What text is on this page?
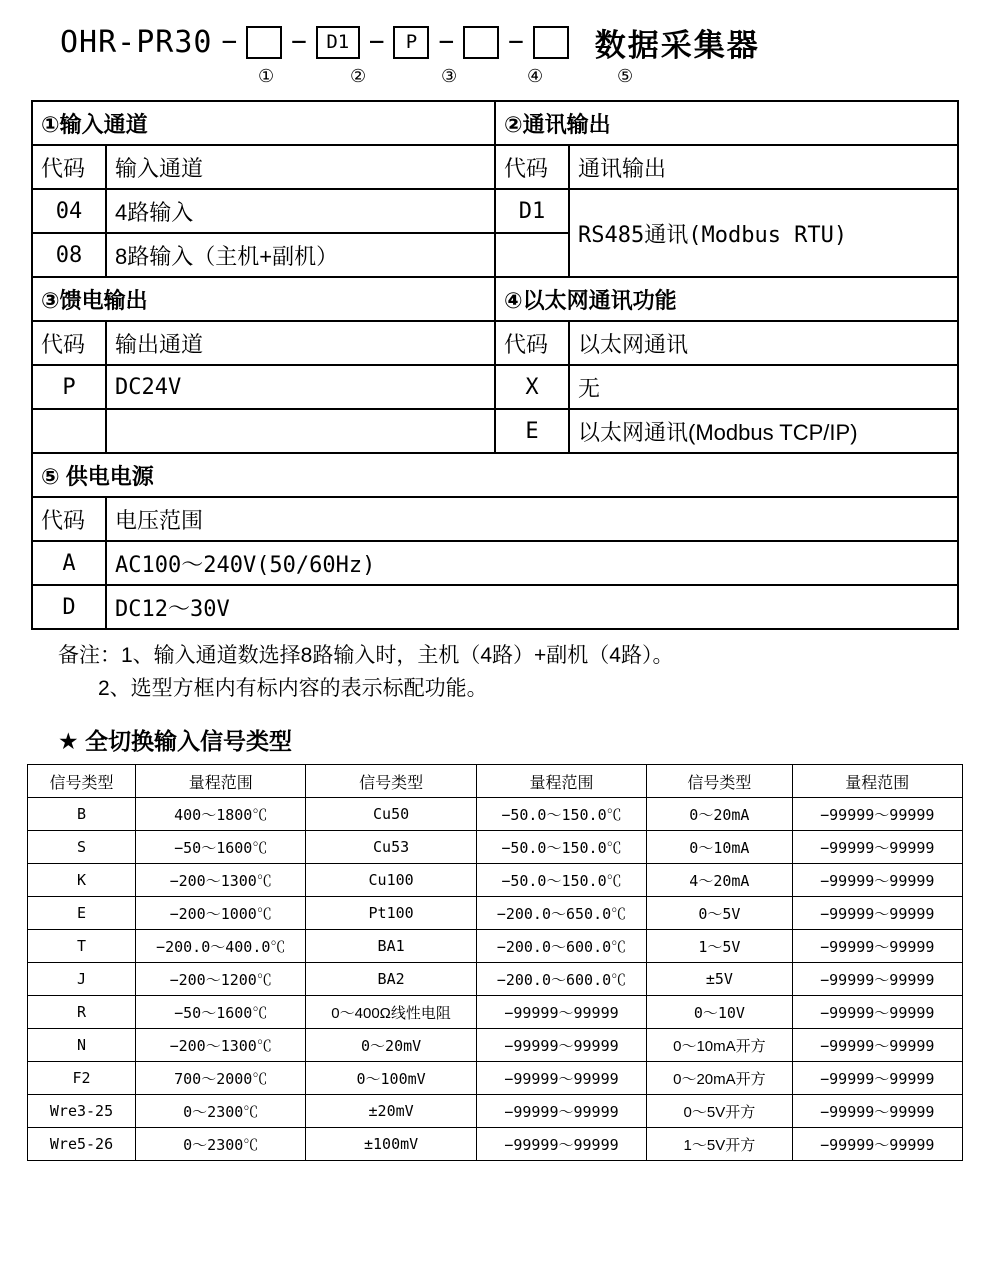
OHR-PR30 − −	D1 −	P − − 数据采集器
①	②	③	④	⑤
①输入通道		②通讯输出	
代码	输入通道	代码	通讯输出
04	4路输入	D1	RS485通讯(Modbus RTU)
08	8路输入（主机+副机）		
③馈电输出		④以太网通讯功能	
代码	输出通道	代码	以太网通讯
P	DC24V	X	无
		E	以太网通讯(Modbus TCP/IP)
⑤ 供电电源			
代码	电压范围		
A	AC100～240V(50/60Hz)		
D	DC12～30V		
备注：1、输入通道数选择8路输入时，主机（4路）+副机（4路）。
2、选型方框内有标内容的表示标配功能。
★ 全切换输入信号类型
信号类型	量程范围	信号类型	量程范围	信号类型	量程范围
B	400～1800℃	Cu50	−50.0～150.0℃	0～20mA	−99999～99999
S	−50～1600℃	Cu53	−50.0～150.0℃	0～10mA	−99999～99999
K	−200～1300℃	Cu100	−50.0～150.0℃	4～20mA	−99999～99999
E	−200～1000℃	Pt100	−200.0～650.0℃	0～5V	−99999～99999
T	−200.0～400.0℃	BA1	−200.0～600.0℃	1～5V	−99999～99999
J	−200～1200℃	BA2	−200.0～600.0℃	±5V	−99999～99999
R	−50～1600℃	0～400Ω线性电阻	−99999～99999	0～10V	−99999～99999
N	−200～1300℃	0～20mV	−99999～99999	0～10mA开方	−99999～99999
F2	700～2000℃	0～100mV	−99999～99999	0～20mA开方	−99999～99999
Wre3-25	0～2300℃	±20mV	−99999～99999	0～5V开方	−99999～99999
Wre5-26	0～2300℃	±100mV	−99999～99999	1～5V开方	−99999～99999
